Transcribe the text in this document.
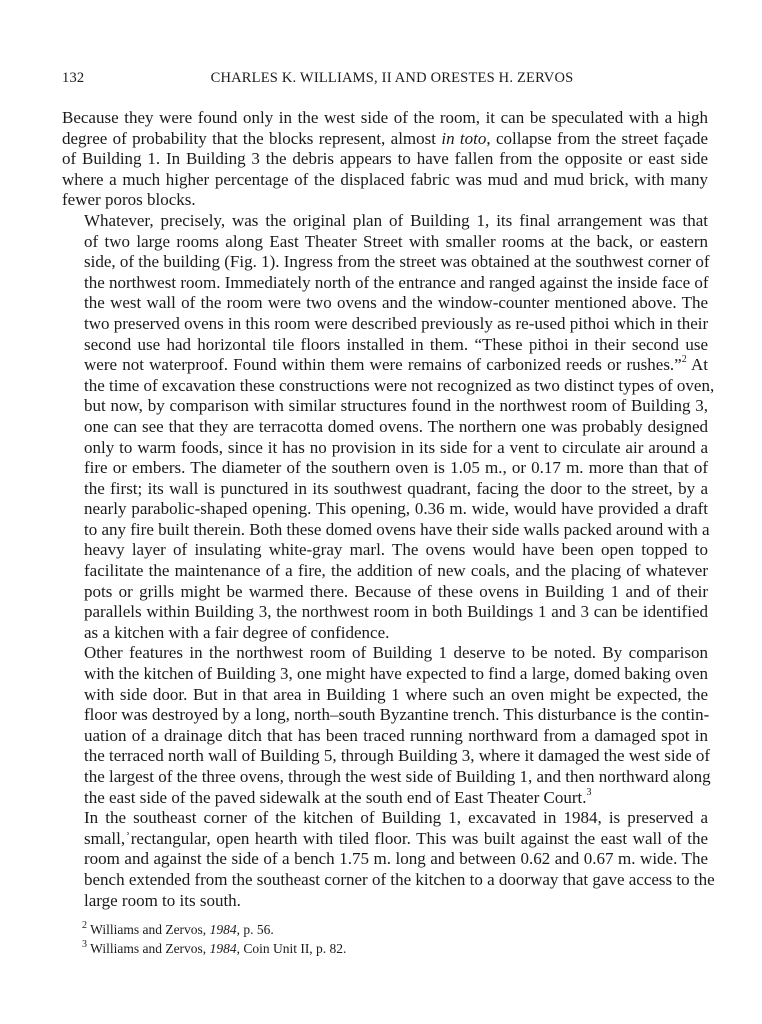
132	CHARLES K. WILLIAMS, II AND ORESTES H. ZERVOS

Because they were found only in the west side of the room, it can be speculated with a high
degree of probability that the blocks represent, almost in toto, collapse from the street façade
of Building 1. In Building 3 the debris appears to have fallen from the opposite or east side
where a much higher percentage of the displaced fabric was mud and mud brick, with many
fewer poros blocks.

Whatever, precisely, was the original plan of Building 1, its final arrangement was that
of two large rooms along East Theater Street with smaller rooms at the back, or eastern
side, of the building (Fig. 1). Ingress from the street was obtained at the southwest corner of
the northwest room. Immediately north of the entrance and ranged against the inside face of
the west wall of the room were two ovens and the window-counter mentioned above. The
two preserved ovens in this room were described previously as re-used pithoi which in their
second use had horizontal tile floors installed in them. “These pithoi in their second use
were not waterproof. Found within them were remains of carbonized reeds or rushes.”$^2$ At
the time of excavation these constructions were not recognized as two distinct types of oven,
but now, by comparison with similar structures found in the northwest room of Building 3,
one can see that they are terracotta domed ovens. The northern one was probably designed
only to warm foods, since it has no provision in its side for a vent to circulate air around a
fire or embers. The diameter of the southern oven is 1.05 m., or 0.17 m. more than that of
the first; its wall is punctured in its southwest quadrant, facing the door to the street, by a
nearly parabolic-shaped opening. This opening, 0.36 m. wide, would have provided a draft
to any fire built therein. Both these domed ovens have their side walls packed around with a
heavy layer of insulating white-gray marl. The ovens would have been open topped to
facilitate the maintenance of a fire, the addition of new coals, and the placing of whatever
pots or grills might be warmed there. Because of these ovens in Building 1 and of their
parallels within Building 3, the northwest room in both Buildings 1 and 3 can be identified
as a kitchen with a fair degree of confidence.

Other features in the northwest room of Building 1 deserve to be noted. By comparison
with the kitchen of Building 3, one might have expected to find a large, domed baking oven
with side door. But in that area in Building 1 where such an oven might be expected, the
floor was destroyed by a long, north–south Byzantine trench. This disturbance is the contin-
uation of a drainage ditch that has been traced running northward from a damaged spot in
the terraced north wall of Building 5, through Building 3, where it damaged the west side of
the largest of the three ovens, through the west side of Building 1, and then northward along
the east side of the paved sidewalk at the south end of East Theater Court.$^3$

In the southeast corner of the kitchen of Building 1, excavated in 1984, is preserved a
small,ʾrectangular, open hearth with tiled floor. This was built against the east wall of the
room and against the side of a bench 1.75 m. long and between 0.62 and 0.67 m. wide. The
bench extended from the southeast corner of the kitchen to a doorway that gave access to the
large room to its south.

$^2$ Williams and Zervos, 1984, p. 56.
$^3$ Williams and Zervos, 1984, Coin Unit II, p. 82.
